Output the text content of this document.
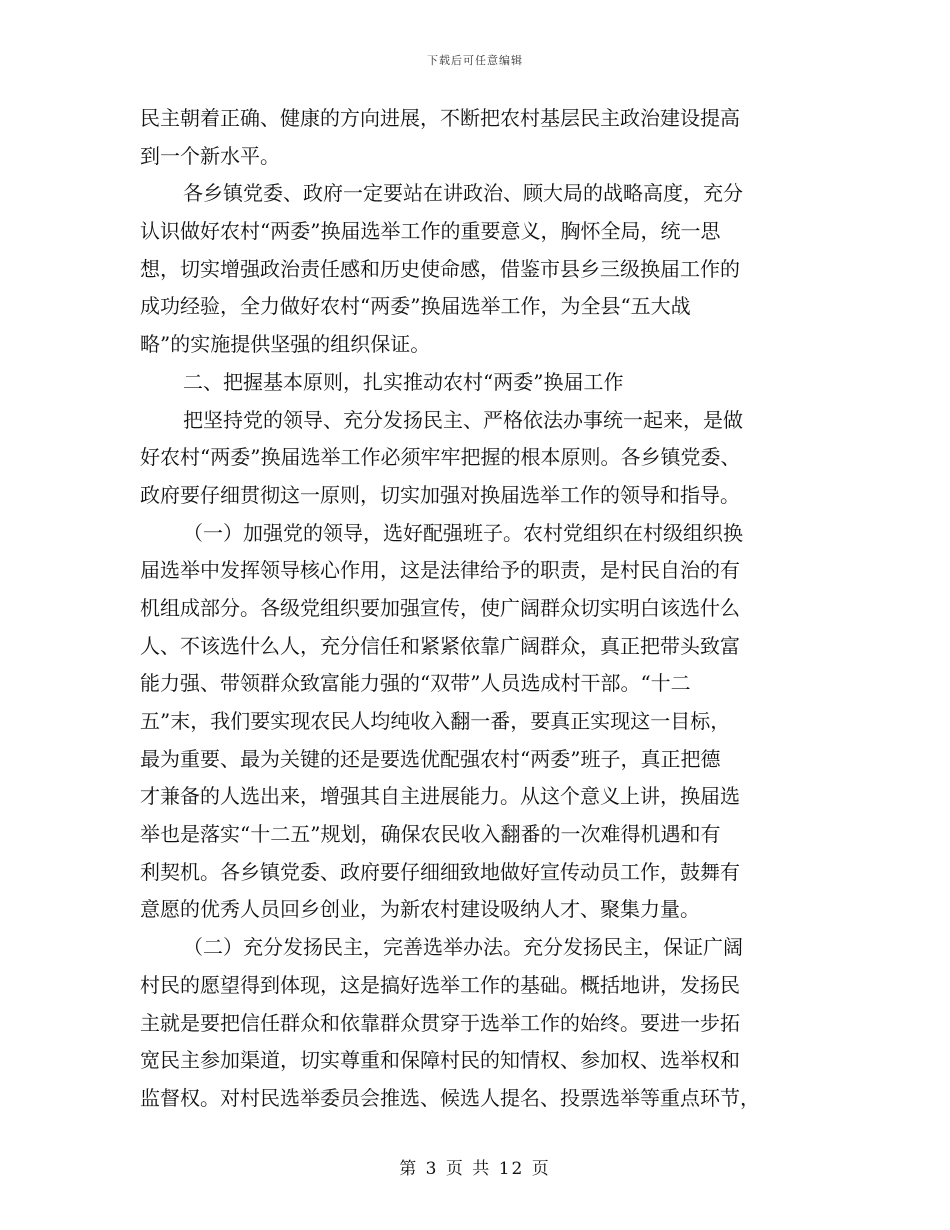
下载后可任意编辑
民主朝着正确、健康的方向进展，不断把农村基层民主政治建设提高
到一个新水平。
各乡镇党委、政府一定要站在讲政治、顾大局的战略高度，充分
认识做好农村“两委”换届选举工作的重要意义，胸怀全局，统一思
想，切实增强政治责任感和历史使命感，借鉴市县乡三级换届工作的
成功经验，全力做好农村“两委”换届选举工作，为全县“五大战
略”的实施提供坚强的组织保证。
二、把握基本原则，扎实推动农村“两委”换届工作
把坚持党的领导、充分发扬民主、严格依法办事统一起来，是做
好农村“两委”换届选举工作必须牢牢把握的根本原则。各乡镇党委、
政府要仔细贯彻这一原则，切实加强对换届选举工作的领导和指导。
（一）加强党的领导，选好配强班子。农村党组织在村级组织换
届选举中发挥领导核心作用，这是法律给予的职责，是村民自治的有
机组成部分。各级党组织要加强宣传，使广阔群众切实明白该选什么
人、不该选什么人，充分信任和紧紧依靠广阔群众，真正把带头致富
能力强、带领群众致富能力强的“双带”人员选成村干部。“十二
五”末，我们要实现农民人均纯收入翻一番，要真正实现这一目标，
最为重要、最为关键的还是要选优配强农村“两委”班子，真正把德
才兼备的人选出来，增强其自主进展能力。从这个意义上讲，换届选
举也是落实“十二五”规划，确保农民收入翻番的一次难得机遇和有
利契机。各乡镇党委、政府要仔细细致地做好宣传动员工作，鼓舞有
意愿的优秀人员回乡创业，为新农村建设吸纳人才、聚集力量。
（二）充分发扬民主，完善选举办法。充分发扬民主，保证广阔
村民的愿望得到体现，这是搞好选举工作的基础。概括地讲，发扬民
主就是要把信任群众和依靠群众贯穿于选举工作的始终。要进一步拓
宽民主参加渠道，切实尊重和保障村民的知情权、参加权、选举权和
监督权。对村民选举委员会推选、候选人提名、投票选举等重点环节，
第 3 页 共 12 页
